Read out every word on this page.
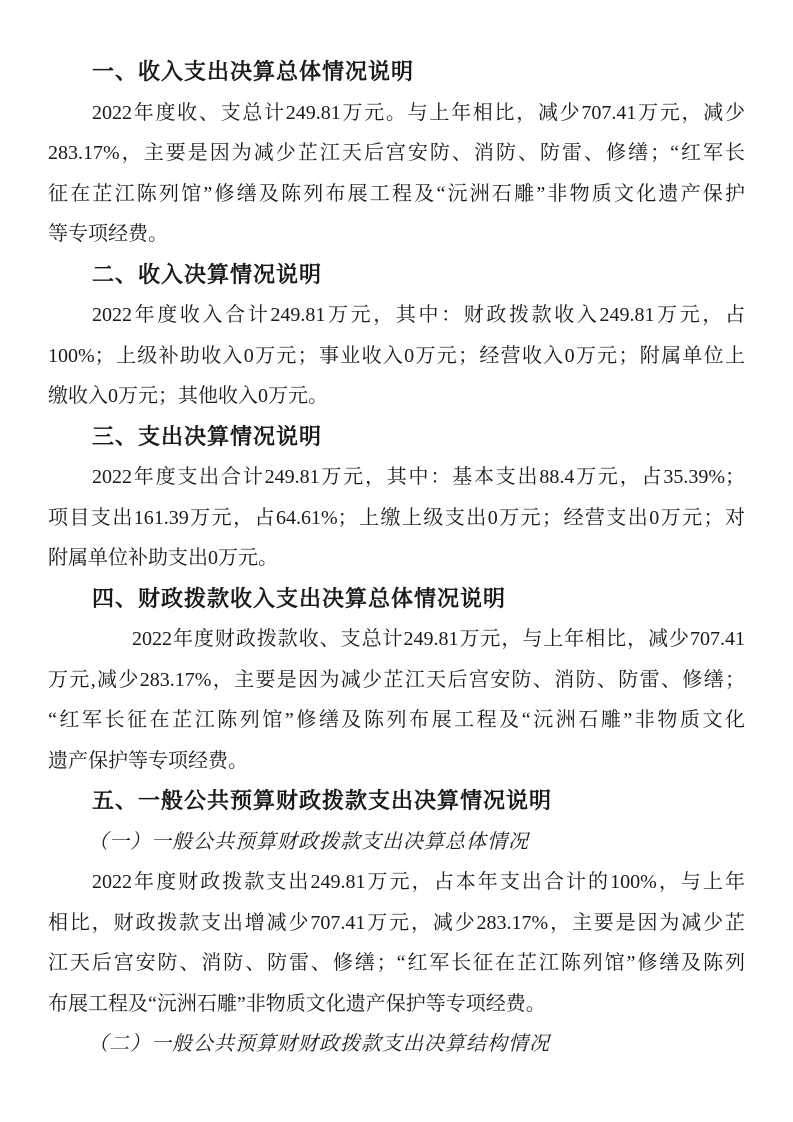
一、收入支出决算总体情况说明
2022年度收、支总计249.81万元。与上年相比，减少707.41万元，减少
283.17%，主要是因为减少芷江天后宫安防、消防、防雷、修缮；“红军长
征在芷江陈列馆”修缮及陈列布展工程及“沅洲石雕”非物质文化遗产保护
等专项经费。
二、收入决算情况说明
2022年度收入合计249.81万元，其中：财政拨款收入249.81万元，占
100%；上级补助收入0万元；事业收入0万元；经营收入0万元；附属单位上
缴收入0万元；其他收入0万元。
三、支出决算情况说明
2022年度支出合计249.81万元，其中：基本支出88.4万元，占35.39%；
项目支出161.39万元，占64.61%；上缴上级支出0万元；经营支出0万元；对
附属单位补助支出0万元。
四、财政拨款收入支出决算总体情况说明
2022年度财政拨款收、支总计249.81万元，与上年相比，减少707.41
万元,减少283.17%，主要是因为减少芷江天后宫安防、消防、防雷、修缮；
“红军长征在芷江陈列馆”修缮及陈列布展工程及“沅洲石雕”非物质文化
遗产保护等专项经费。
五、一般公共预算财政拨款支出决算情况说明
（一）一般公共预算财政拨款支出决算总体情况
2022年度财政拨款支出249.81万元，占本年支出合计的100%，与上年
相比，财政拨款支出增减少707.41万元，减少283.17%，主要是因为减少芷
江天后宫安防、消防、防雷、修缮；“红军长征在芷江陈列馆”修缮及陈列
布展工程及“沅洲石雕”非物质文化遗产保护等专项经费。
（二）一般公共预算财财政拨款支出决算结构情况
